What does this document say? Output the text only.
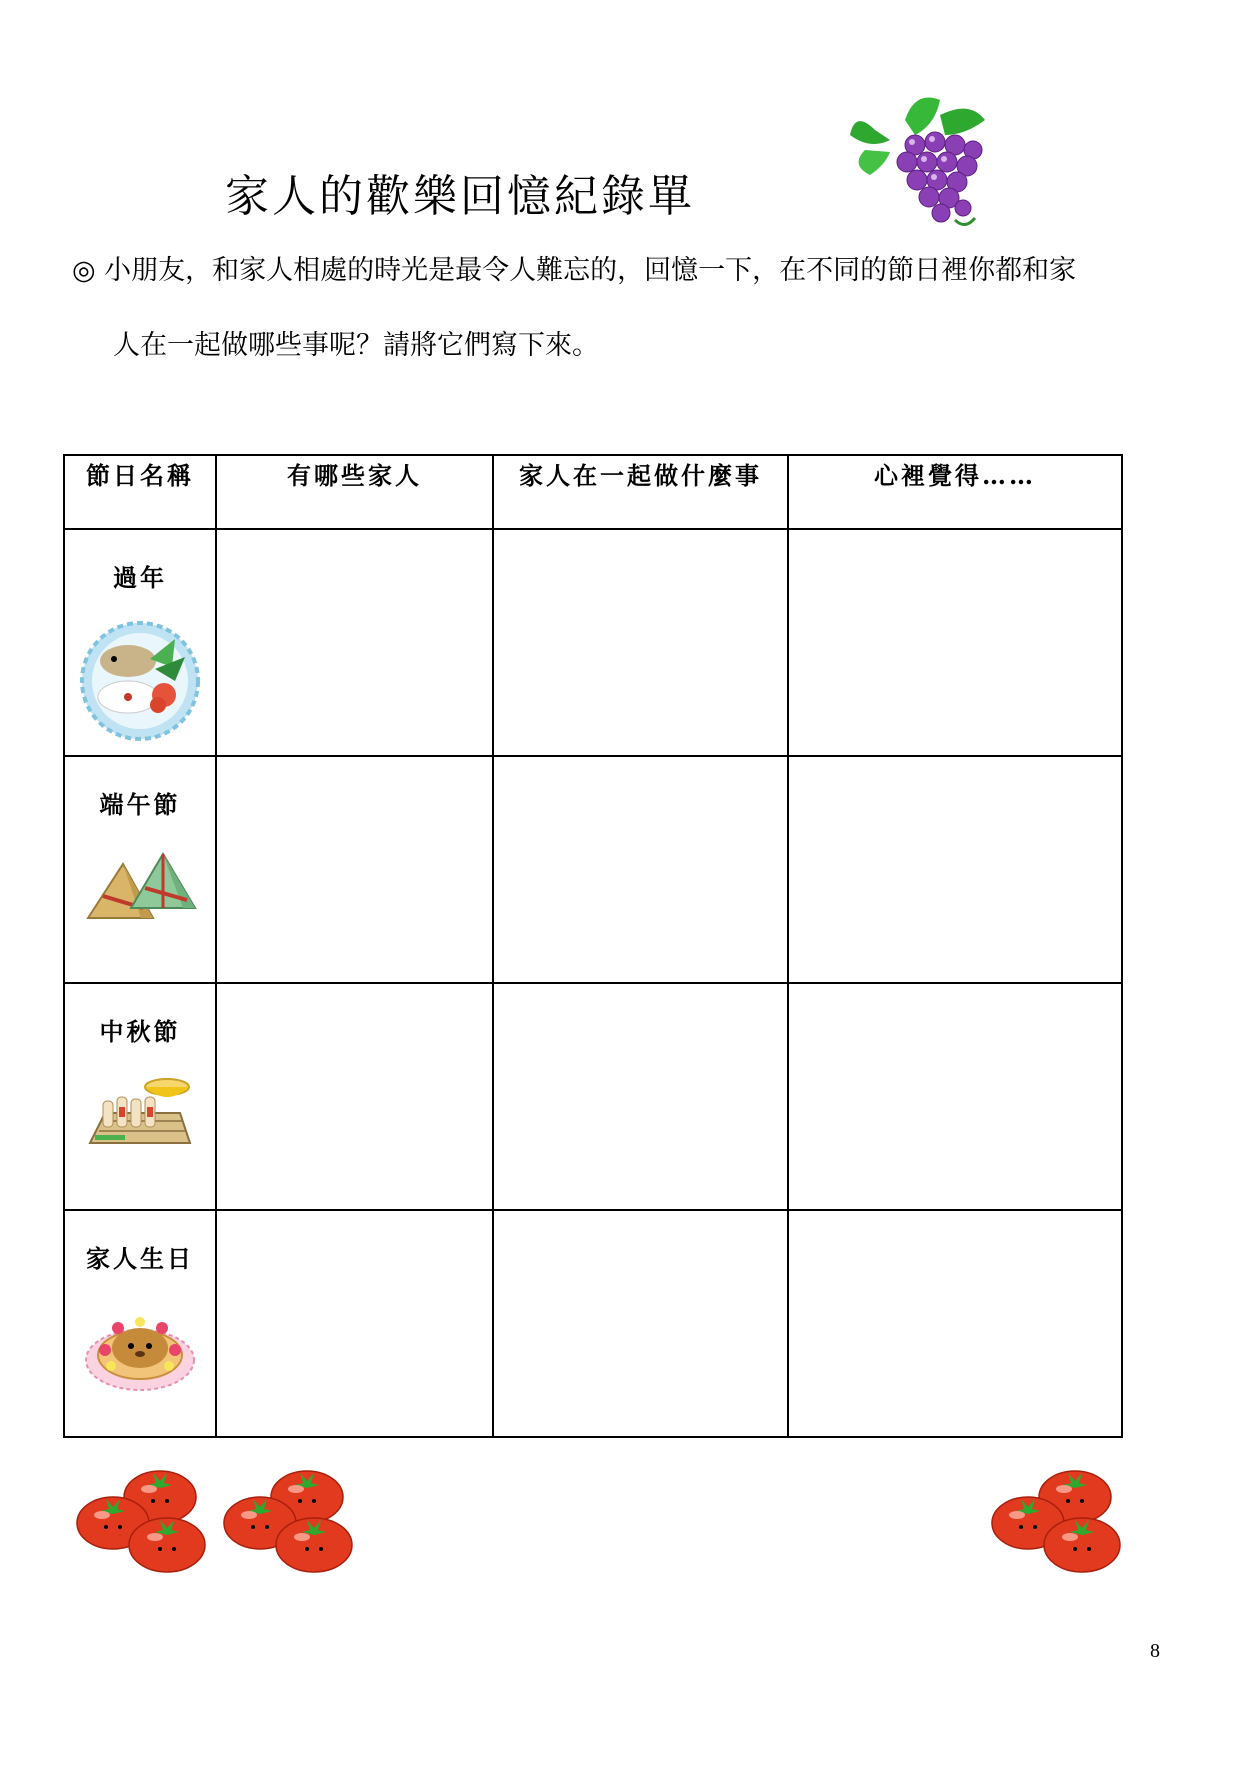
家人的歡樂回憶紀錄單
◎ 小朋友，和家人相處的時光是最令人難忘的，回憶一下，在不同的節日裡你都和家
人在一起做哪些事呢？請將它們寫下來。
節日名稱	有哪些家人	家人在一起做什麼事	心裡覺得……

過年			

端午節			

中秋節			

家人生日			

8
